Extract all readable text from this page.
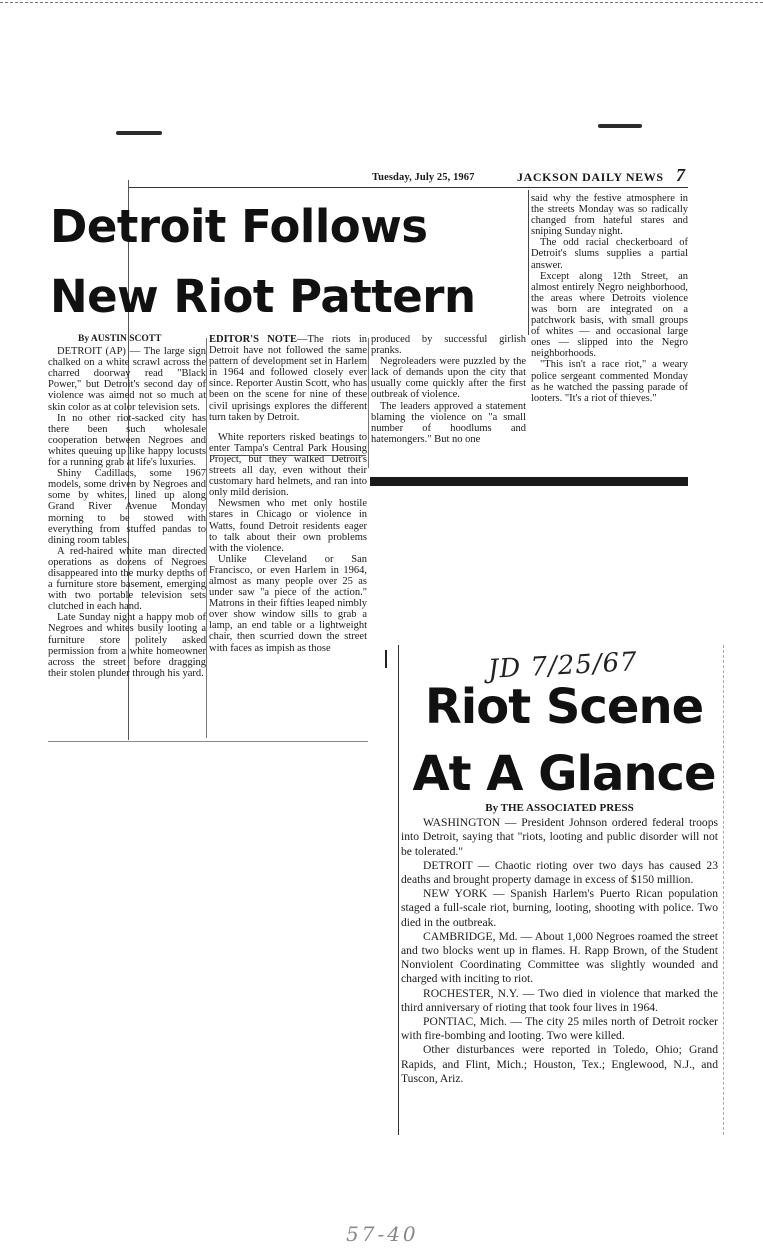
Tuesday, July 25, 1967	JACKSON DAILY NEWS 7
Detroit Follows
New Riot Pattern

By AUSTIN SCOTT

DETROIT (AP) — The large sign chalked on a white scrawl across the charred doorway read "Black Power," but Detroit's second day of violence was aimed not so much at skin color as at color television sets.

In no other riot-sacked city has there been such wholesale cooperation between Negroes and whites queuing up like happy locusts for a running grab at life's luxuries.

Shiny Cadillacs, some 1967 models, some driven by Negroes and some by whites, lined up along Grand River Avenue Monday morning to be stowed with everything from stuffed pandas to dining room tables.

A red-haired white man directed operations as dozens of Negroes disappeared into the murky depths of a furniture store basement, emerging with two portable television sets clutched in each hand.

Late Sunday night a happy mob of Negroes and whites busily looting a furniture store politely asked permission from a white homeowner across the street before dragging their stolen plunder through his yard.

EDITOR'S NOTE—The riots in Detroit have not followed the same pattern of development set in Harlem in 1964 and followed closely ever since. Reporter Austin Scott, who has been on the scene for nine of these civil uprisings explores the different turn taken by Detroit.

White reporters risked beatings to enter Tampa's Central Park Housing Project, but they walked Detroit's streets all day, even without their customary hard helmets, and ran into only mild derision.

Newsmen who met only hostile stares in Chicago or violence in Watts, found Detroit residents eager to talk about their own problems with the violence.

Unlike Cleveland or San Francisco, or even Harlem in 1964, almost as many people over 25 as under saw "a piece of the action." Matrons in their fifties leaped nimbly over show window sills to grab a lamp, an end table or a lightweight chair, then scurried down the street with faces as impish as those

produced by successful girlish pranks.

Negroleaders were puzzled by the lack of demands upon the city that usually come quickly after the first outbreak of violence.

The leaders approved a statement blaming the violence on "a small number of hoodlums and hatemongers." But no one

said why the festive atmosphere in the streets Monday was so radically changed from hateful stares and sniping Sunday night.

The odd racial checkerboard of Detroit's slums supplies a partial answer.

Except along 12th Street, an almost entirely Negro neighborhood, the areas where Detroits violence was born are integrated on a patchwork basis, with small groups of whites — and occasional large ones — slipped into the Negro neighborhoods.

"This isn't a race riot," a weary police sergeant commented Monday as he watched the passing parade of looters. "It's a riot of thieves."

JD 7/25/67
Riot Scene
At A Glance

By THE ASSOCIATED PRESS

WASHINGTON — President Johnson ordered federal troops into Detroit, saying that "riots, looting and public disorder will not be tolerated."

DETROIT — Chaotic rioting over two days has caused 23 deaths and brought property damage in excess of $150 million.

NEW YORK — Spanish Harlem's Puerto Rican population staged a full-scale riot, burning, looting, shooting with police. Two died in the outbreak.

CAMBRIDGE, Md. — About 1,000 Negroes roamed the street and two blocks went up in flames. H. Rapp Brown, of the Student Nonviolent Coordinating Committee was slightly wounded and charged with inciting to riot.

ROCHESTER, N.Y. — Two died in violence that marked the third anniversary of rioting that took four lives in 1964.

PONTIAC, Mich. — The city 25 miles north of Detroit rocker with fire-bombing and looting. Two were killed.

Other disturbances were reported in Toledo, Ohio; Grand Rapids, and Flint, Mich.; Houston, Tex.; Englewood, N.J., and Tuscon, Ariz.

57-40
